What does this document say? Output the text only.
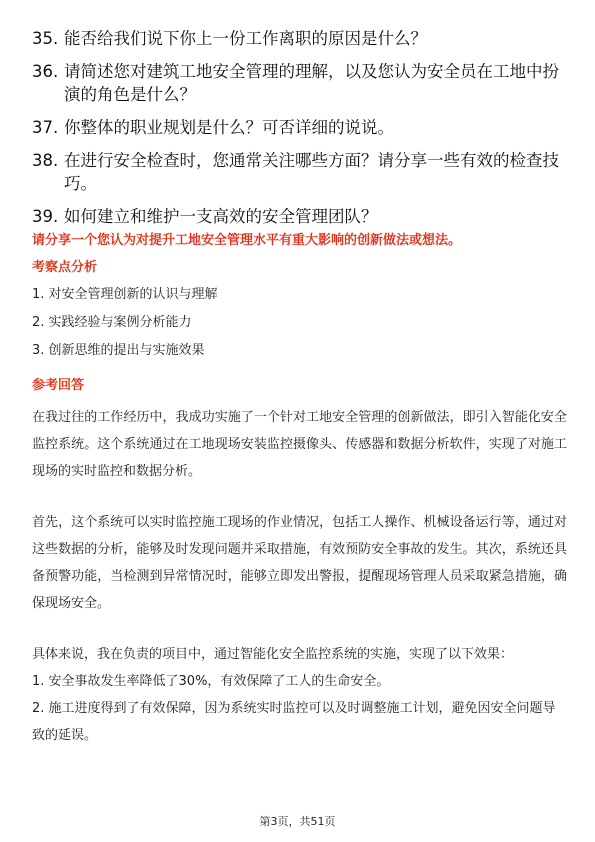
35. 能否给我们说下你上一份工作离职的原因是什么？
36. 请简述您对建筑工地安全管理的理解，以及您认为安全员在工地中扮演的角色是什么？
37. 你整体的职业规划是什么？可否详细的说说。
38. 在进行安全检查时，您通常关注哪些方面？请分享一些有效的检查技巧。
39. 如何建立和维护一支高效的安全管理团队？
请分享一个您认为对提升工地安全管理水平有重大影响的创新做法或想法。
考察点分析
1. 对安全管理创新的认识与理解
2. 实践经验与案例分析能力
3. 创新思维的提出与实施效果
参考回答

在我过往的工作经历中，我成功实施了一个针对工地安全管理的创新做法，即引入智能化安全监控系统。这个系统通过在工地现场安装监控摄像头、传感器和数据分析软件，实现了对施工现场的实时监控和数据分析。

首先，这个系统可以实时监控施工现场的作业情况，包括工人操作、机械设备运行等，通过对这些数据的分析，能够及时发现问题并采取措施，有效预防安全事故的发生。其次，系统还具备预警功能，当检测到异常情况时，能够立即发出警报，提醒现场管理人员采取紧急措施，确保现场安全。

具体来说，我在负责的项目中，通过智能化安全监控系统的实施，实现了以下效果：

1. 安全事故发生率降低了30%，有效保障了工人的生命安全。

2. 施工进度得到了有效保障，因为系统实时监控可以及时调整施工计划，避免因安全问题导致的延误。

第3页，共51页
